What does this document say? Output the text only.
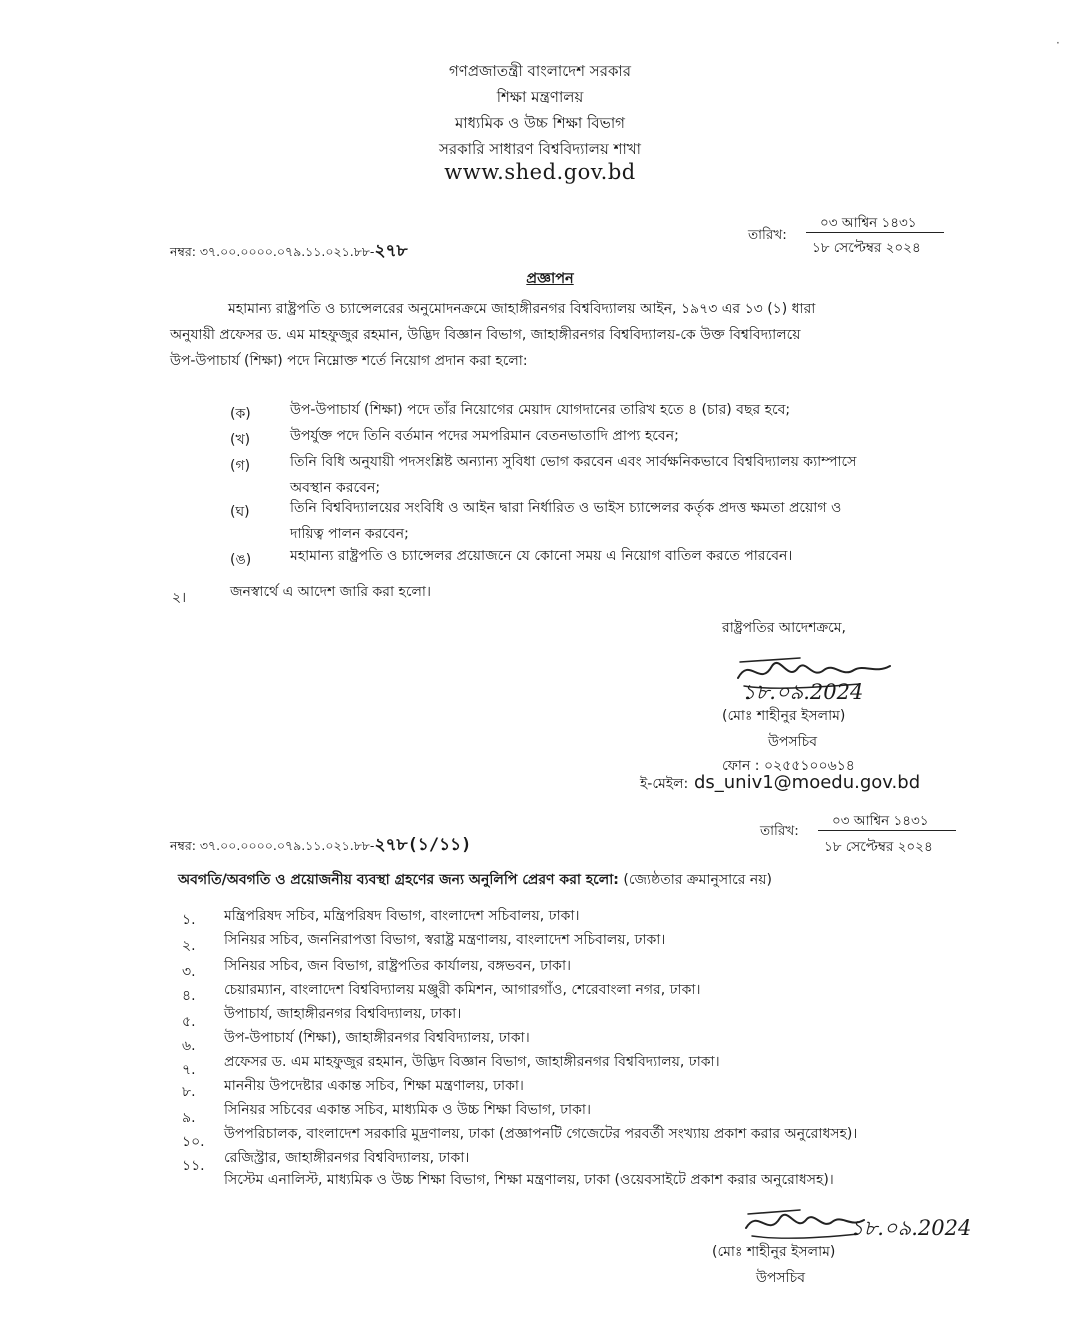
গণপ্রজাতন্ত্রী বাংলাদেশ সরকার
শিক্ষা মন্ত্রণালয়
মাধ্যমিক ও উচ্চ শিক্ষা বিভাগ
সরকারি সাধারণ বিশ্ববিদ্যালয় শাখা
www.shed.gov.bd
নম্বর: ৩৭.০০.০০০০.০৭৯.১১.০২১.৮৮-২৭৮
তারিখ:
০৩ আশ্বিন ১৪৩১
১৮ সেপ্টেম্বর ২০২৪
প্রজ্ঞাপন
মহামান্য রাষ্ট্রপতি ও চ্যান্সেলরের অনুমোদনক্রমে জাহাঙ্গীরনগর বিশ্ববিদ্যালয় আইন, ১৯৭৩ এর ১৩ (১) ধারা
অনুযায়ী প্রফেসর ড. এম মাহফুজুর রহমান, উদ্ভিদ বিজ্ঞান বিভাগ, জাহাঙ্গীরনগর বিশ্ববিদ্যালয়-কে উক্ত বিশ্ববিদ্যালয়ে
উপ-উপাচার্য (শিক্ষা) পদে নিম্নোক্ত শর্তে নিয়োগ প্রদান করা হলো:
(ক)	উপ-উপাচার্য (শিক্ষা) পদে তাঁর নিয়োগের মেয়াদ যোগদানের তারিখ হতে ৪ (চার) বছর হবে;
(খ)	উপর্যুক্ত পদে তিনি বর্তমান পদের সমপরিমান বেতনভাতাদি প্রাপ্য হবেন;
(গ)	তিনি বিধি অনুযায়ী পদসংশ্লিষ্ট অন্যান্য সুবিধা ভোগ করবেন এবং সার্বক্ষনিকভাবে বিশ্ববিদ্যালয় ক্যাম্পাসে
অবস্থান করবেন;
(ঘ)	তিনি বিশ্ববিদ্যালয়ের সংবিধি ও আইন দ্বারা নির্ধারিত ও ভাইস চ্যান্সেলর কর্তৃক প্রদত্ত ক্ষমতা প্রয়োগ ও
দায়িত্ব পালন করবেন;
(ঙ)	মহামান্য রাষ্ট্রপতি ও চ্যান্সেলর প্রয়োজনে যে কোনো সময় এ নিয়োগ বাতিল করতে পারবেন।
২।	জনস্বার্থে এ আদেশ জারি করা হলো।
রাষ্ট্রপতির আদেশক্রমে,
১৮.০৯.2024
(মোঃ শাহীনুর ইসলাম)
উপসচিব
ফোন : ০২৫৫১০০৬১৪
ই-মেইল: ds_univ1@moedu.gov.bd
নম্বর: ৩৭.০০.০০০০.০৭৯.১১.০২১.৮৮-২৭৮(১/১১)
তারিখ:
০৩ আশ্বিন ১৪৩১
১৮ সেপ্টেম্বর ২০২৪
অবগতি/অবগতি ও প্রয়োজনীয় ব্যবস্থা গ্রহণের জন্য অনুলিপি প্রেরণ করা হলো: (জ্যেষ্ঠতার ক্রমানুসারে নয়)
১. মন্ত্রিপরিষদ সচিব, মন্ত্রিপরিষদ বিভাগ, বাংলাদেশ সচিবালয়, ঢাকা।
২. সিনিয়র সচিব, জননিরাপত্তা বিভাগ, স্বরাষ্ট্র মন্ত্রণালয়, বাংলাদেশ সচিবালয়, ঢাকা।
৩. সিনিয়র সচিব, জন বিভাগ, রাষ্ট্রপতির কার্যালয়, বঙ্গভবন, ঢাকা।
৪. চেয়ারম্যান, বাংলাদেশ বিশ্ববিদ্যালয় মঞ্জুরী কমিশন, আগারগাঁও, শেরেবাংলা নগর, ঢাকা।
৫. উপাচার্য, জাহাঙ্গীরনগর বিশ্ববিদ্যালয়, ঢাকা।
৬. উপ-উপাচার্য (শিক্ষা), জাহাঙ্গীরনগর বিশ্ববিদ্যালয়, ঢাকা।
৭. প্রফেসর ড. এম মাহফুজুর রহমান, উদ্ভিদ বিজ্ঞান বিভাগ, জাহাঙ্গীরনগর বিশ্ববিদ্যালয়, ঢাকা।
৮. মাননীয় উপদেষ্টার একান্ত সচিব, শিক্ষা মন্ত্রণালয়, ঢাকা।
৯. সিনিয়র সচিবের একান্ত সচিব, মাধ্যমিক ও উচ্চ শিক্ষা বিভাগ, ঢাকা।
১০. উপপরিচালক, বাংলাদেশ সরকারি মুদ্রণালয়, ঢাকা (প্রজ্ঞাপনটি গেজেটের পরবর্তী সংখ্যায় প্রকাশ করার অনুরোধসহ)।
১১. রেজিস্ট্রার, জাহাঙ্গীরনগর বিশ্ববিদ্যালয়, ঢাকা।
সিস্টেম এনালিস্ট, মাধ্যমিক ও উচ্চ শিক্ষা বিভাগ, শিক্ষা মন্ত্রণালয়, ঢাকা (ওয়েবসাইটে প্রকাশ করার অনুরোধসহ)।
১৮.০৯.2024
(মোঃ শাহীনুর ইসলাম)
উপসচিব
·
